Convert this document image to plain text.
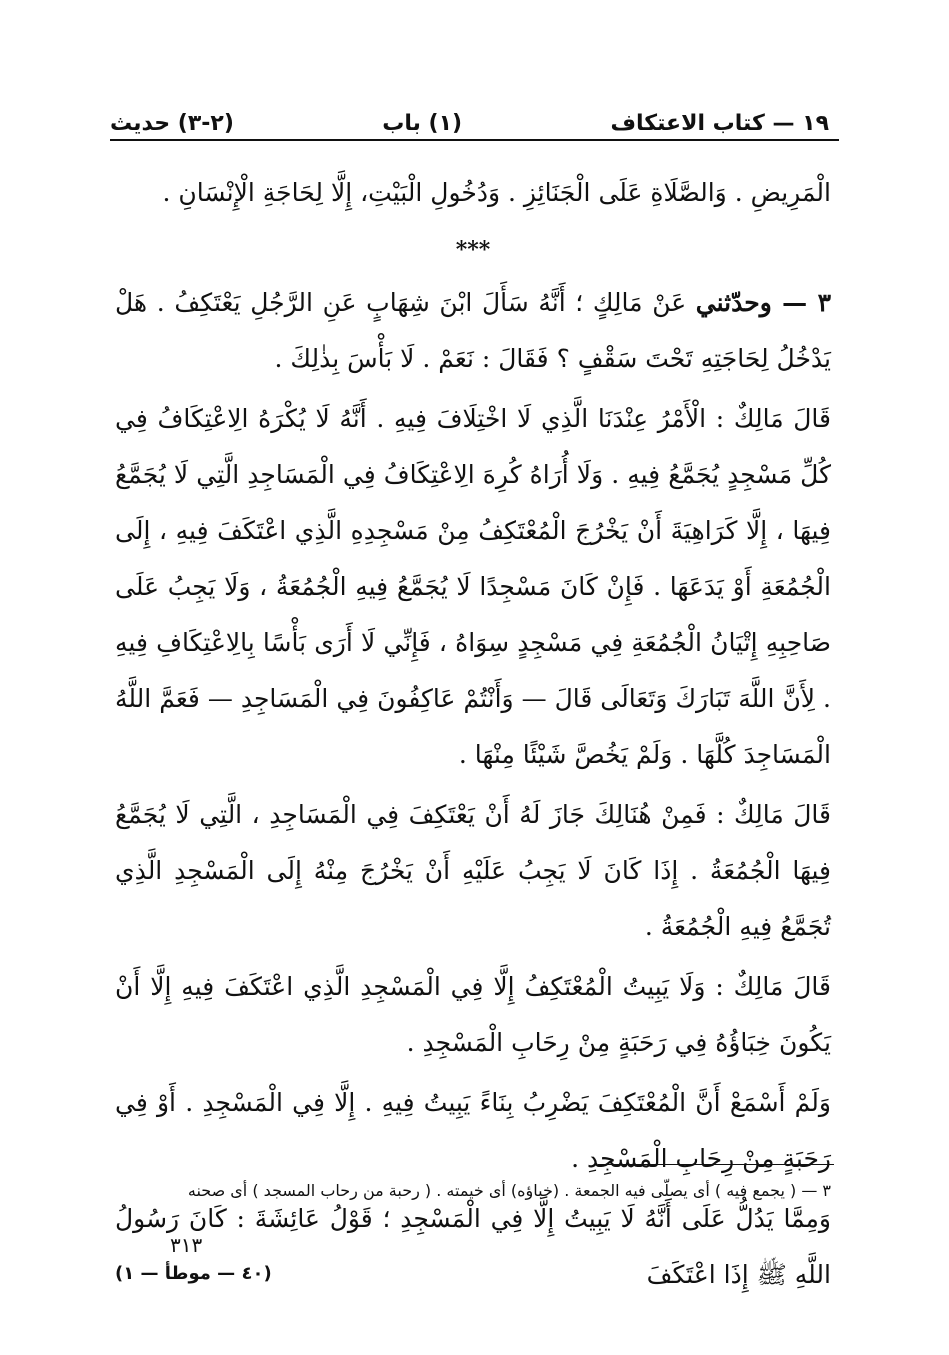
١٩ — كتاب الاعتكاف
(١) باب
(٢-٣) حديث

الْمَرِيضِ . وَالصَّلَاةِ عَلَى الْجَنَائِزِ . وَدُخُولِ الْبَيْتِ، إِلَّا لِحَاجَةِ الْإِنْسَانِ .

***

٣ — وحدّثني عَنْ مَالِكٍ ؛ أَنَّهُ سَأَلَ ابْنَ شِهَابٍ عَنِ الرَّجُلِ يَعْتَكِفُ . هَلْ يَدْخُلُ لِحَاجَتِهِ تَحْتَ سَقْفٍ ؟ فَقَالَ : نَعَمْ . لَا بَأْسَ بِذٰلِكَ .

قَالَ مَالِكٌ : الْأَمْرُ عِنْدَنَا الَّذِي لَا اخْتِلَافَ فِيهِ . أَنَّهُ لَا يُكْرَهُ الِاعْتِكَافُ فِي كُلِّ مَسْجِدٍ يُجَمَّعُ فِيهِ . وَلَا أُرَاهُ كُرِهَ الِاعْتِكَافُ فِي الْمَسَاجِدِ الَّتِي لَا يُجَمَّعُ فِيهَا ، إِلَّا كَرَاهِيَةَ أَنْ يَخْرُجَ الْمُعْتَكِفُ مِنْ مَسْجِدِهِ الَّذِي اعْتَكَفَ فِيهِ ، إِلَى الْجُمُعَةِ أَوْ يَدَعَهَا . فَإِنْ كَانَ مَسْجِدًا لَا يُجَمَّعُ فِيهِ الْجُمُعَةُ ، وَلَا يَجِبُ عَلَى صَاحِبِهِ إِتْيَانُ الْجُمُعَةِ فِي مَسْجِدٍ سِوَاهُ ، فَإِنِّي لَا أَرَى بَأْسًا بِالِاعْتِكَافِ فِيهِ . لِأَنَّ اللَّهَ تَبَارَكَ وَتَعَالَى قَالَ — وَأَنْتُمْ عَاكِفُونَ فِي الْمَسَاجِدِ — فَعَمَّ اللَّهُ الْمَسَاجِدَ كُلَّهَا . وَلَمْ يَخُصَّ شَيْئًا مِنْهَا .

قَالَ مَالِكٌ : فَمِنْ هُنَالِكَ جَازَ لَهُ أَنْ يَعْتَكِفَ فِي الْمَسَاجِدِ ، الَّتِي لَا يُجَمَّعُ فِيهَا الْجُمُعَةُ . إِذَا كَانَ لَا يَجِبُ عَلَيْهِ أَنْ يَخْرُجَ مِنْهُ إِلَى الْمَسْجِدِ الَّذِي تُجَمَّعُ فِيهِ الْجُمُعَةُ .

قَالَ مَالِكٌ : وَلَا يَبِيتُ الْمُعْتَكِفُ إِلَّا فِي الْمَسْجِدِ الَّذِي اعْتَكَفَ فِيهِ إِلَّا أَنْ يَكُونَ خِبَاؤُهُ فِي رَحَبَةٍ مِنْ رِحَابِ الْمَسْجِدِ .

وَلَمْ أَسْمَعْ أَنَّ الْمُعْتَكِفَ يَضْرِبُ بِنَاءً يَبِيتُ فِيهِ . إِلَّا فِي الْمَسْجِدِ . أَوْ فِي رَحَبَةٍ مِنْ رِحَابِ الْمَسْجِدِ .

وَمِمَّا يَدُلُّ عَلَى أَنَّهُ لَا يَبِيتُ إِلَّا فِي الْمَسْجِدِ ؛ قَوْلُ عَائِشَةَ : كَانَ رَسُولُ اللَّهِ ﷺ إِذَا اعْتَكَفَ

٣ — ( يجمع فيه ) أى يصلّى فيه الجمعة . (خباؤه) أى خيمته . ( رحبة من رحاب المسجد ) أى صحنه
٣١٣
(٤٠ — موطأ — ١)
